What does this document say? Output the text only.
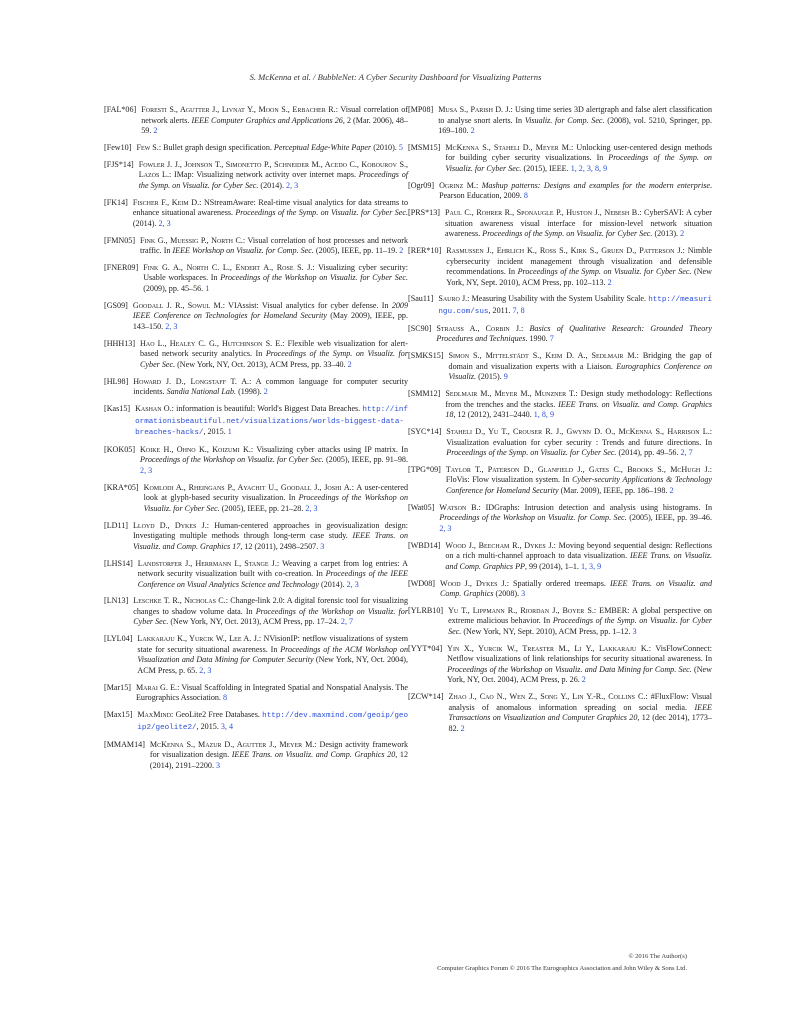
S. McKenna et al. / BubbleNet: A Cyber Security Dashboard for Visualizing Patterns
[FAL*06] Foresti S., Agutter J., Livnat Y., Moon S., Erbacher R.: Visual correlation of network alerts. IEEE Computer Graphics and Applications 26, 2 (Mar. 2006), 48–59. 2
[Few10] Few S.: Bullet graph design specification. Perceptual Edge-White Paper (2010). 5
[FJS*14] Fowler J. J., Johnson T., Simonetto P., Schneider M., Acedo C., Kobourov S., Lazos L.: IMap: Visualizing network activity over internet maps. Proceedings of the Symp. on Visualiz. for Cyber Sec. (2014). 2, 3
[FK14] Fischer F., Keim D.: NStreamAware: Real-time visual analytics for data streams to enhance situational awareness. Proceedings of the Symp. on Visualiz. for Cyber Sec. (2014). 2, 3
[FMN05] Fink G., Muessig P., North C.: Visual correlation of host processes and network traffic. In IEEE Workshop on Visualiz. for Comp. Sec. (2005), IEEE, pp. 11–19. 2
[FNER09] Fink G. A., North C. L., Endert A., Rose S. J.: Visualizing cyber security: Usable workspaces. In Proceedings of the Workshop on Visualiz. for Cyber Sec. (2009), pp. 45–56. 1
[GS09] Goodall J. R., Sowul M.: VIAssist: Visual analytics for cyber defense. In 2009 IEEE Conference on Technologies for Homeland Security (May 2009), IEEE, pp. 143–150. 2, 3
[HHH13] Hao L., Healey C. G., Hutchinson S. E.: Flexible web visualization for alert-based network security analytics. In Proceedings of the Symp. on Visualiz. for Cyber Sec. (New York, NY, Oct. 2013), ACM Press, pp. 33–40. 2
[HL98] Howard J. D., Longstaff T. A.: A common language for computer security incidents. Sandia National Lab. (1998). 2
[Kas15] Kashan O.: information is beautiful: World's Biggest Data Breaches. http://informationisbeautiful.net/visualizations/worlds-biggest-data-breaches-hacks/, 2015. 1
[KOK05] Koike H., Ohno K., Koizumi K.: Visualizing cyber attacks using IP matrix. In Proceedings of the Workshop on Visualiz. for Cyber Sec. (2005), IEEE, pp. 91–98. 2, 3
[KRA*05] Komlodi A., Rheingans P., Ayachit U., Goodall J., Joshi A.: A user-centered look at glyph-based security visualization. In Proceedings of the Workshop on Visualiz. for Cyber Sec. (2005), IEEE, pp. 21–28. 2, 3
[LD11] Lloyd D., Dykes J.: Human-centered approaches in geovisualization design: Investigating multiple methods through long-term case study. IEEE Trans. on Visualiz. and Comp. Graphics 17, 12 (2011), 2498–2507. 3
[LHS14] Landstorfer J., Herrmann I., Stange J.: Weaving a carpet from log entries: A network security visualization built with co-creation. In Proceedings of the IEEE Conference on Visual Analytics Science and Technology (2014). 2, 3
[LN13] Leschke T. R., Nicholas C.: Change-link 2.0: A digital forensic tool for visualizing changes to shadow volume data. In Proceedings of the Workshop on Visualiz. for Cyber Sec. (New York, NY, Oct. 2013), ACM Press, pp. 17–24. 2, 7
[LYL04] Lakkaraju K., Yurcik W., Lee A. J.: NVisionIP: netflow visualizations of system state for security situational awareness. In Proceedings of the ACM Workshop on Visualization and Data Mining for Computer Security (New York, NY, Oct. 2004), ACM Press, p. 65. 2, 3
[Mar15] Marai G. E.: Visual Scaffolding in Integrated Spatial and Nonspatial Analysis. The Eurographics Association. 8
[Max15] MaxMind: GeoLite2 Free Databases. http://dev.maxmind.com/geoip/geoip2/geolite2/, 2015. 3, 4
[MMAM14] McKenna S., Mazur D., Agutter J., Meyer M.: Design activity framework for visualization design. IEEE Trans. on Visualiz. and Comp. Graphics 20, 12 (2014), 2191–2200. 3
[MP08] Musa S., Parish D. J.: Using time series 3D alertgraph and false alert classification to analyse snort alerts. In Visualiz. for Comp. Sec. (2008), vol. 5210, Springer, pp. 169–180. 2
[MSM15] McKenna S., Staheli D., Meyer M.: Unlocking user-centered design methods for building cyber security visualizations. In Proceedings of the Symp. on Visualiz. for Cyber Sec. (2015), IEEE. 1, 2, 3, 8, 9
[Ogr09] Ogrinz M.: Mashup patterns: Designs and examples for the modern enterprise. Pearson Education, 2009. 8
[PRS*13] Paul C., Rohrer R., Sponaugle P., Huston J., Nebesh B.: CyberSAVI: A cyber situation awareness visual interface for mission-level network situation awareness. Proceedings of the Symp. on Visualiz. for Cyber Sec. (2013). 2
[RER*10] Rasmussen J., Ehrlich K., Ross S., Kirk S., Gruen D., Patterson J.: Nimble cybersecurity incident management through visualization and defensible recommendations. In Proceedings of the Symp. on Visualiz. for Cyber Sec. (New York, NY, Sept. 2010), ACM Press, pp. 102–113. 2
[Sau11] Sauro J.: Measuring Usability with the System Usability Scale. http://measuringu.com/sus, 2011. 7, 8
[SC90] Strauss A., Corbin J.: Basics of Qualitative Research: Grounded Theory Procedures and Techniques. 1990. 7
[SMKS15] Simon S., Mittelstädt S., Keim D. A., Sedlmair M.: Bridging the gap of domain and visualization experts with a Liaison. Eurographics Conference on Visualiz. (2015). 9
[SMM12] Sedlmair M., Meyer M., Munzner T.: Design study methodology: Reflections from the trenches and the stacks. IEEE Trans. on Visualiz. and Comp. Graphics 18, 12 (2012), 2431–2440. 1, 8, 9
[SYC*14] Staheli D., Yu T., Crouser R. J., Gwynn D. O., McKenna S., Harrison L.: Visualization evaluation for cyber security : Trends and future directions. In Proceedings of the Symp. on Visualiz. for Cyber Sec. (2014), pp. 49–56. 2, 7
[TPG*09] Taylor T., Paterson D., Glanfield J., Gates C., Brooks S., McHugh J.: FloVis: Flow visualization system. In Cyber-security Applications & Technology Conference for Homeland Security (Mar. 2009), IEEE, pp. 186–198. 2
[Wat05] Watson B.: IDGraphs: Intrusion detection and analysis using histograms. In Proceedings of the Workshop on Visualiz. for Comp. Sec. (2005), IEEE, pp. 39–46. 2, 3
[WBD14] Wood J., Beecham R., Dykes J.: Moving beyond sequential design: Reflections on a rich multi-channel approach to data visualization. IEEE Trans. on Visualiz. and Comp. Graphics PP, 99 (2014), 1–1. 1, 3, 9
[WD08] Wood J., Dykes J.: Spatially ordered treemaps. IEEE Trans. on Visualiz. and Comp. Graphics (2008). 3
[YLRB10] Yu T., Lippmann R., Riordan J., Boyer S.: EMBER: A global perspective on extreme malicious behavior. In Proceedings of the Symp. on Visualiz. for Cyber Sec. (New York, NY, Sept. 2010), ACM Press, pp. 1–12. 3
[YYT*04] Yin X., Yurcik W., Treaster M., Li Y., Lakkaraju K.: VisFlowConnect: Netflow visualizations of link relationships for security situational awareness. In Proceedings of the Workshop on Visualiz. and Data Mining for Comp. Sec. (New York, NY, Oct. 2004), ACM Press, p. 26. 2
[ZCW*14] Zhao J., Cao N., Wen Z., Song Y., Lin Y.-R., Collins C.: #FluxFlow: Visual analysis of anomalous information spreading on social media. IEEE Transactions on Visualization and Computer Graphics 20, 12 (dec 2014), 1773–82. 2
© 2016 The Author(s)
Computer Graphics Forum © 2016 The Eurographics Association and John Wiley & Sons Ltd.
